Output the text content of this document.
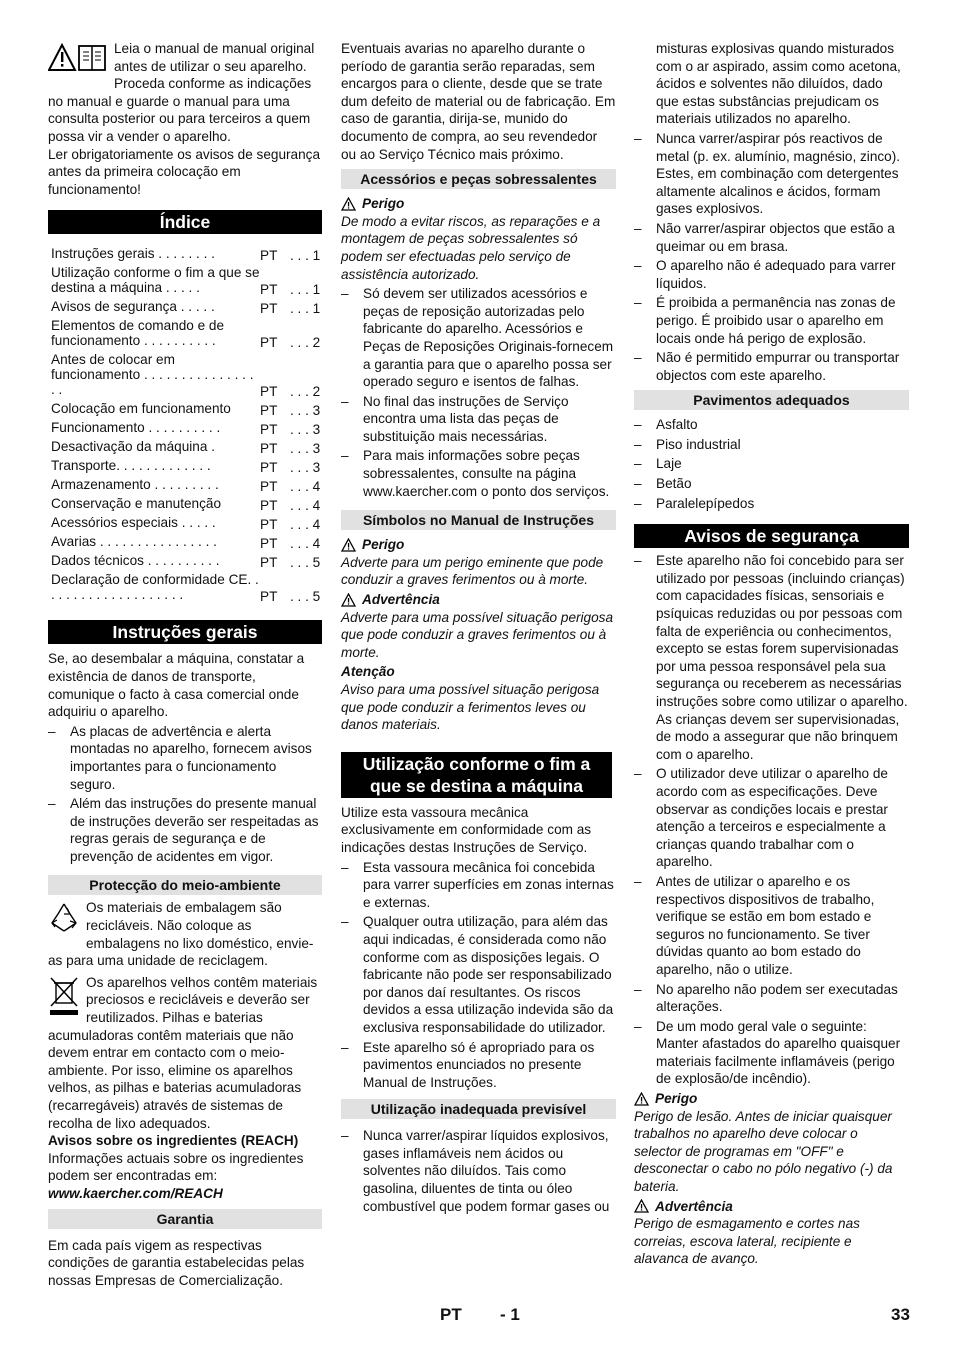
Leia o manual de manual original antes de utilizar o seu aparelho. Proceda conforme as indicações no manual e guarde o manual para uma consulta posterior ou para terceiros a quem possa vir a vender o aparelho.

Ler obrigatoriamente os avisos de segurança antes da primeira colocação em funcionamento!

Índice
Instruções gerais . . . . . . . .	PT	. . . 1
Utilização conforme o fim a que se destina a máquina . . . . .	PT	. . . 1
Avisos de segurança . . . . .	PT	. . . 1
Elementos de comando e de funcionamento . . . . . . . . . .	PT	. . . 2
Antes de colocar em funcionamento . . . . . . . . . . . . . . . . .	PT	. . . 2
Colocação em funcionamento	PT	. . . 3
Funcionamento . . . . . . . . . .	PT	. . . 3
Desactivação da máquina .	PT	. . . 3
Transporte. . . . . . . . . . . . .	PT	. . . 3
Armazenamento . . . . . . . . .	PT	. . . 4
Conservação e manutenção	PT	. . . 4
Acessórios especiais . . . . .	PT	. . . 4
Avarias . . . . . . . . . . . . . . . .	PT	. . . 4
Dados técnicos . . . . . . . . . .	PT	. . . 5
Declaração de conformidade CE. . . . . . . . . . . . . . . . . . . .	PT	. . . 5
Instruções gerais

Se, ao desembalar a máquina, constatar a existência de danos de transporte, comunique o facto à casa comercial onde adquiriu o aparelho.

–	As placas de advertência e alerta montadas no aparelho, fornecem avisos importantes para o funcionamento seguro.
–	Além das instruções do presente manual de instruções deverão ser respeitadas as regras gerais de segurança e de prevenção de acidentes em vigor.
Protecção do meio-ambiente

Os materiais de embalagem são recicláveis. Não coloque as embalagens no lixo doméstico, envie-as para uma unidade de reciclagem.

Os aparelhos velhos contêm materiais preciosos e recicláveis e deverão ser reutilizados. Pilhas e baterias acumuladoras contêm materiais que não devem entrar em contacto com o meio-ambiente. Por isso, elimine os aparelhos velhos, as pilhas e baterias acumuladoras (recarregáveis) através de sistemas de recolha de lixo adequados.

Avisos sobre os ingredientes (REACH)

Informações actuais sobre os ingredientes podem ser encontradas em:

www.kaercher.com/REACH

Garantia

Em cada país vigem as respectivas condições de garantia estabelecidas pelas nossas Empresas de Comercialização.

Eventuais avarias no aparelho durante o período de garantia serão reparadas, sem encargos para o cliente, desde que se trate dum defeito de material ou de fabricação. Em caso de garantia, dirija-se, munido do documento de compra, ao seu revendedor ou ao Serviço Técnico mais próximo.

Acessórios e peças sobressalentes
Perigo

De modo a evitar riscos, as reparações e a montagem de peças sobressalentes só podem ser efectuadas pelo serviço de assistência autorizado.

–	Só devem ser utilizados acessórios e peças de reposição autorizadas pelo fabricante do aparelho. Acessórios e Peças de Reposições Originais-fornecem a garantia para que o aparelho possa ser operado seguro e isentos de falhas.
–	No final das instruções de Serviço encontra uma lista das peças de substituição mais necessárias.
–	Para mais informações sobre peças sobressalentes, consulte na página www.kaercher.com o ponto dos serviços.
Símbolos no Manual de Instruções
Perigo

Adverte para um perigo eminente que pode conduzir a graves ferimentos ou à morte.

Advertência

Adverte para uma possível situação perigosa que pode conduzir a graves ferimentos ou à morte.

Atenção

Aviso para uma possível situação perigosa que pode conduzir a ferimentos leves ou danos materiais.

Utilização conforme o fim a que se destina a máquina

Utilize esta vassoura mecânica exclusivamente em conformidade com as indicações destas Instruções de Serviço.

–	Esta vassoura mecânica foi concebida para varrer superfícies em zonas internas e externas.
–	Qualquer outra utilização, para além das aqui indicadas, é considerada como não conforme com as disposições legais. O fabricante não pode ser responsabilizado por danos daí resultantes. Os riscos devidos a essa utilização indevida são da exclusiva responsabilidade do utilizador.
–	Este aparelho só é apropriado para os pavimentos enunciados no presente Manual de Instruções.
Utilização inadequada previsível
–	Nunca varrer/aspirar líquidos explosivos, gases inflamáveis nem ácidos ou solventes não diluídos. Tais como gasolina, diluentes de tinta ou óleo combustível que podem formar gases ou
misturas explosivas quando misturados com o ar aspirado, assim como acetona, ácidos e solventes não diluídos, dado que estas substâncias prejudicam os materiais utilizados no aparelho.
–	Nunca varrer/aspirar pós reactivos de metal (p. ex. alumínio, magnésio, zinco). Estes, em combinação com detergentes altamente alcalinos e ácidos, formam gases explosivos.
–	Não varrer/aspirar objectos que estão a queimar ou em brasa.
–	O aparelho não é adequado para varrer líquidos.
–	É proibida a permanência nas zonas de perigo. É proibido usar o aparelho em locais onde há perigo de explosão.
–	Não é permitido empurrar ou transportar objectos com este aparelho.
Pavimentos adequados
–	Asfalto
–	Piso industrial
–	Laje
–	Betão
–	Paralelepípedos
Avisos de segurança
–	Este aparelho não foi concebido para ser utilizado por pessoas (incluindo crianças) com capacidades físicas, sensoriais e psíquicas reduzidas ou por pessoas com falta de experiência ou conhecimentos, excepto se estas forem supervisionadas por uma pessoa responsável pela sua segurança ou receberem as necessárias instruções sobre como utilizar o aparelho. As crianças devem ser supervisionadas, de modo a assegurar que não brinquem com o aparelho.
–	O utilizador deve utilizar o aparelho de acordo com as especificações. Deve observar as condições locais e prestar atenção a terceiros e especialmente a crianças quando trabalhar com o aparelho.
–	Antes de utilizar o aparelho e os respectivos dispositivos de trabalho, verifique se estão em bom estado e seguros no funcionamento. Se tiver dúvidas quanto ao bom estado do aparelho, não o utilize.
–	No aparelho não podem ser executadas alterações.
–	De um modo geral vale o seguinte: Manter afastados do aparelho quaisquer materiais facilmente inflamáveis (perigo de explosão/de incêndio).
Perigo

Perigo de lesão. Antes de iniciar quaisquer trabalhos no aparelho deve colocar o selector de programas em "OFF" e desconectar o cabo no pólo negativo (-) da bateria.

Advertência

Perigo de esmagamento e cortes nas correias, escova lateral, recipiente e alavanca de avanço.

PT - 1	33
